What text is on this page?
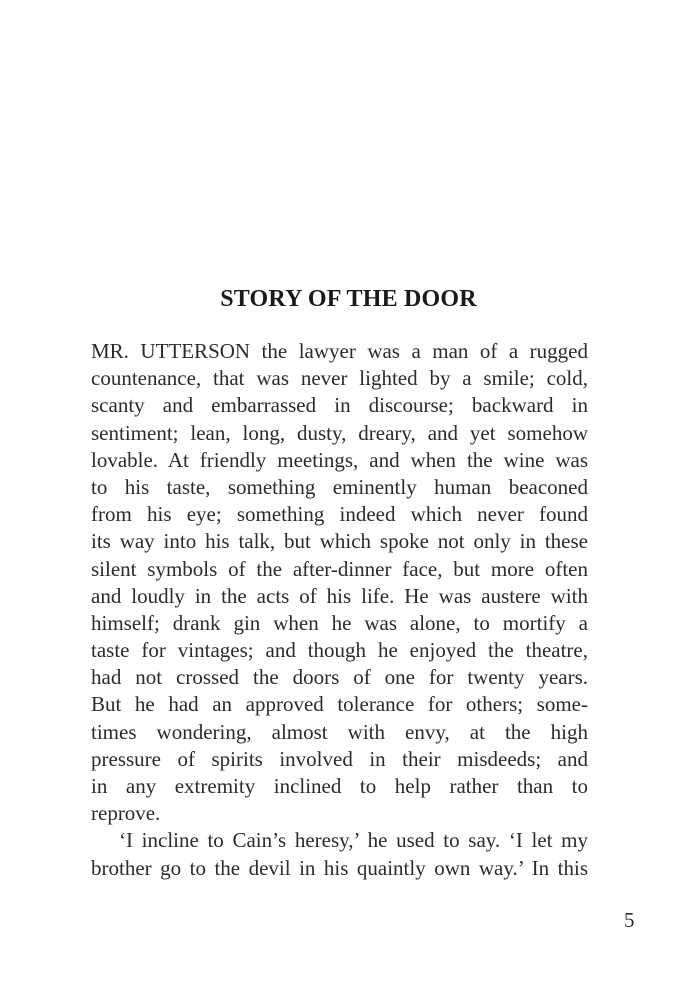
STORY OF THE DOOR
MR. UTTERSON the lawyer was a man of a rugged
countenance, that was never lighted by a smile; cold,
scanty and embarrassed in discourse; backward in
sentiment; lean, long, dusty, dreary, and yet somehow
lovable. At friendly meetings, and when the wine was
to his taste, something eminently human beaconed
from his eye; something indeed which never found
its way into his talk, but which spoke not only in these
silent symbols of the after-dinner face, but more often
and loudly in the acts of his life. He was austere with
himself; drank gin when he was alone, to mortify a
taste for vintages; and though he enjoyed the theatre,
had not crossed the doors of one for twenty years.
But he had an approved tolerance for others; some-
times wondering, almost with envy, at the high
pressure of spirits involved in their misdeeds; and
in any extremity inclined to help rather than to
reprove.
‘I incline to Cain’s heresy,’ he used to say. ‘I let my
brother go to the devil in his quaintly own way.’ In this
5
